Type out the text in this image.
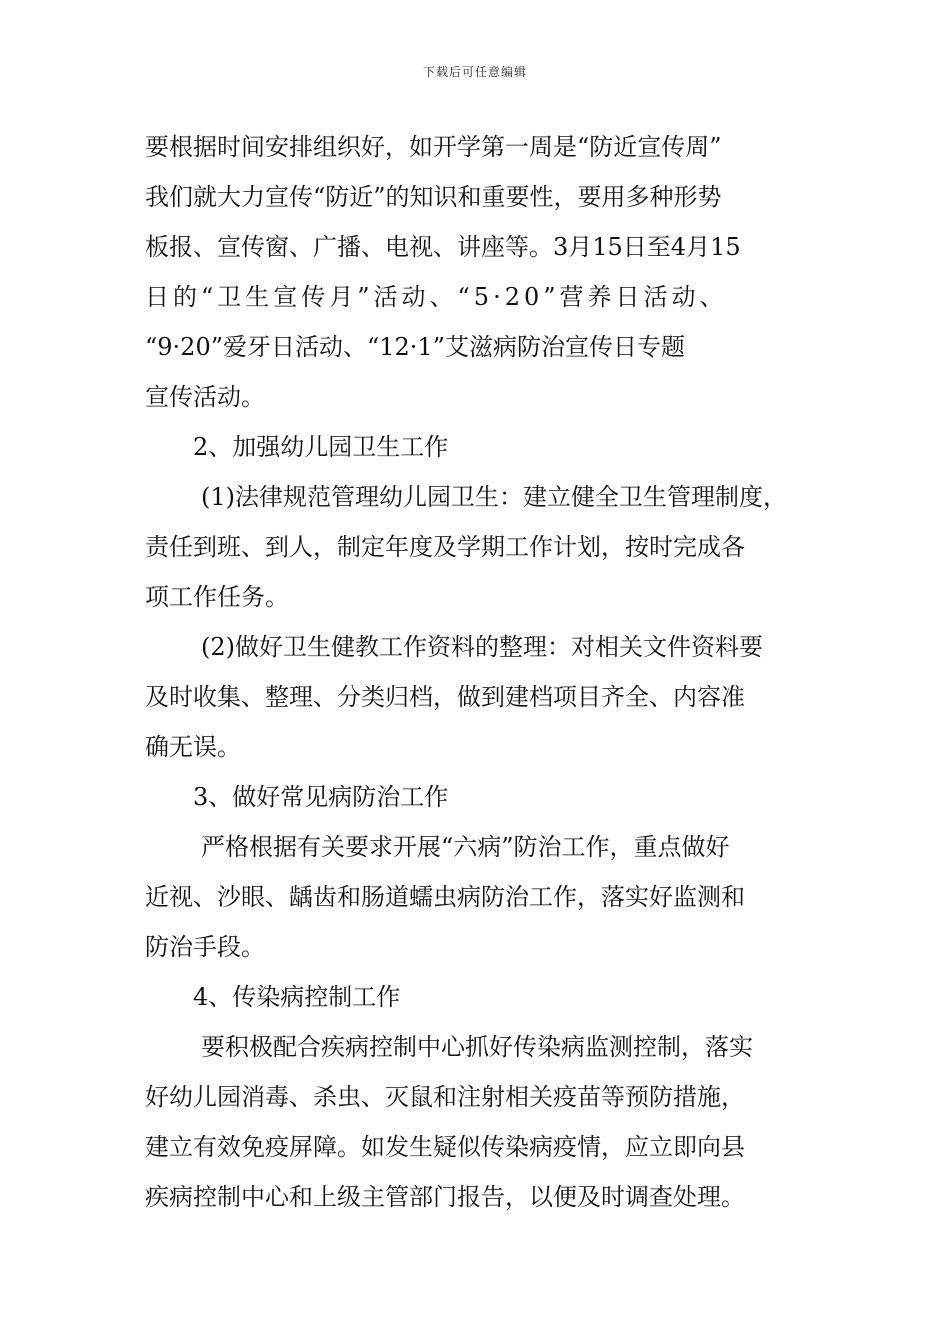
下载后可任意编辑
要根据时间安排组织好，如开学第一周是“防近宣传周”
我们就大力宣传“防近”的知识和重要性，要用多种形势
板报、宣传窗、广播、电视、讲座等。3月15日至4月15
日的“卫生宣传月”活动、“5·20”营养日活动、
“9·20”爱牙日活动、“12·1”艾滋病防治宣传日专题
宣传活动。
2、加强幼儿园卫生工作
(1)法律规范管理幼儿园卫生：建立健全卫生管理制度，
责任到班、到人，制定年度及学期工作计划，按时完成各
项工作任务。
(2)做好卫生健教工作资料的整理：对相关文件资料要
及时收集、整理、分类归档，做到建档项目齐全、内容准
确无误。
3、做好常见病防治工作
严格根据有关要求开展“六病”防治工作，重点做好
近视、沙眼、龋齿和肠道蠕虫病防治工作，落实好监测和
防治手段。
4、传染病控制工作
要积极配合疾病控制中心抓好传染病监测控制，落实
好幼儿园消毒、杀虫、灭鼠和注射相关疫苗等预防措施，
建立有效免疫屏障。如发生疑似传染病疫情，应立即向县
疾病控制中心和上级主管部门报告，以便及时调查处理。
